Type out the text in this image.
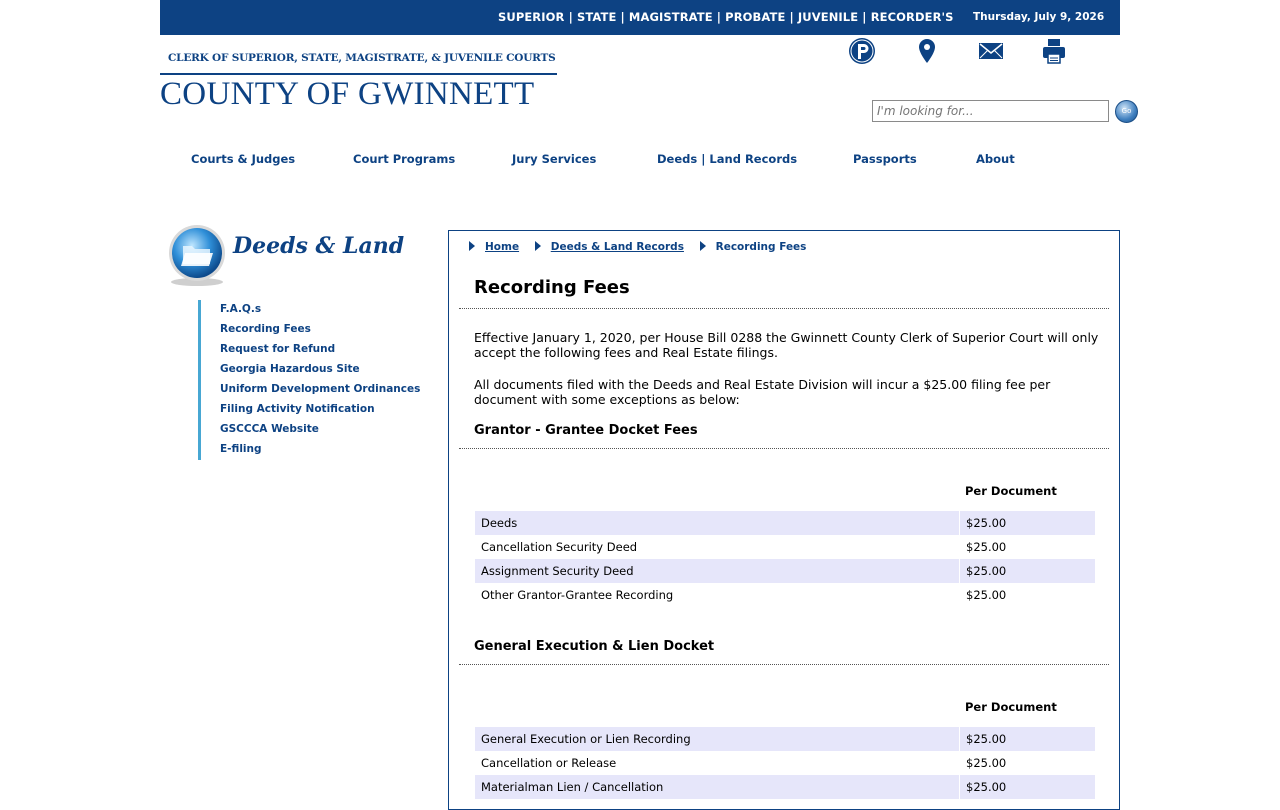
SUPERIOR | STATE | MAGISTRATE | PROBATE | JUVENILE | RECORDER'S Thursday, July 9, 2026
CLERK OF SUPERIOR, STATE, MAGISTRATE, & JUVENILE COURTS
COUNTY OF GWINNETT
I'm looking for...	Go
Courts & Judges	Court Programs	Jury Services	Deeds | Land Records	Passports	About
Deeds & Land
F.A.Q.s
Recording Fees
Request for Refund
Georgia Hazardous Site
Uniform Development Ordinances
Filing Activity Notification
GSCCCA Website
E-filing
Home	Deeds & Land Records	Recording Fees
Recording Fees
Effective January 1, 2020, per House Bill 0288 the Gwinnett County Clerk of Superior Court will only accept the following fees and Real Estate filings.
All documents filed with the Deeds and Real Estate Division will incur a $25.00 filing fee per document with some exceptions as below:
Grantor - Grantee Docket Fees
Per Document
Deeds	$25.00
Cancellation Security Deed	$25.00
Assignment Security Deed	$25.00
Other Grantor-Grantee Recording	$25.00
General Execution & Lien Docket
Per Document
General Execution or Lien Recording	$25.00
Cancellation or Release	$25.00
Materialman Lien / Cancellation	$25.00
